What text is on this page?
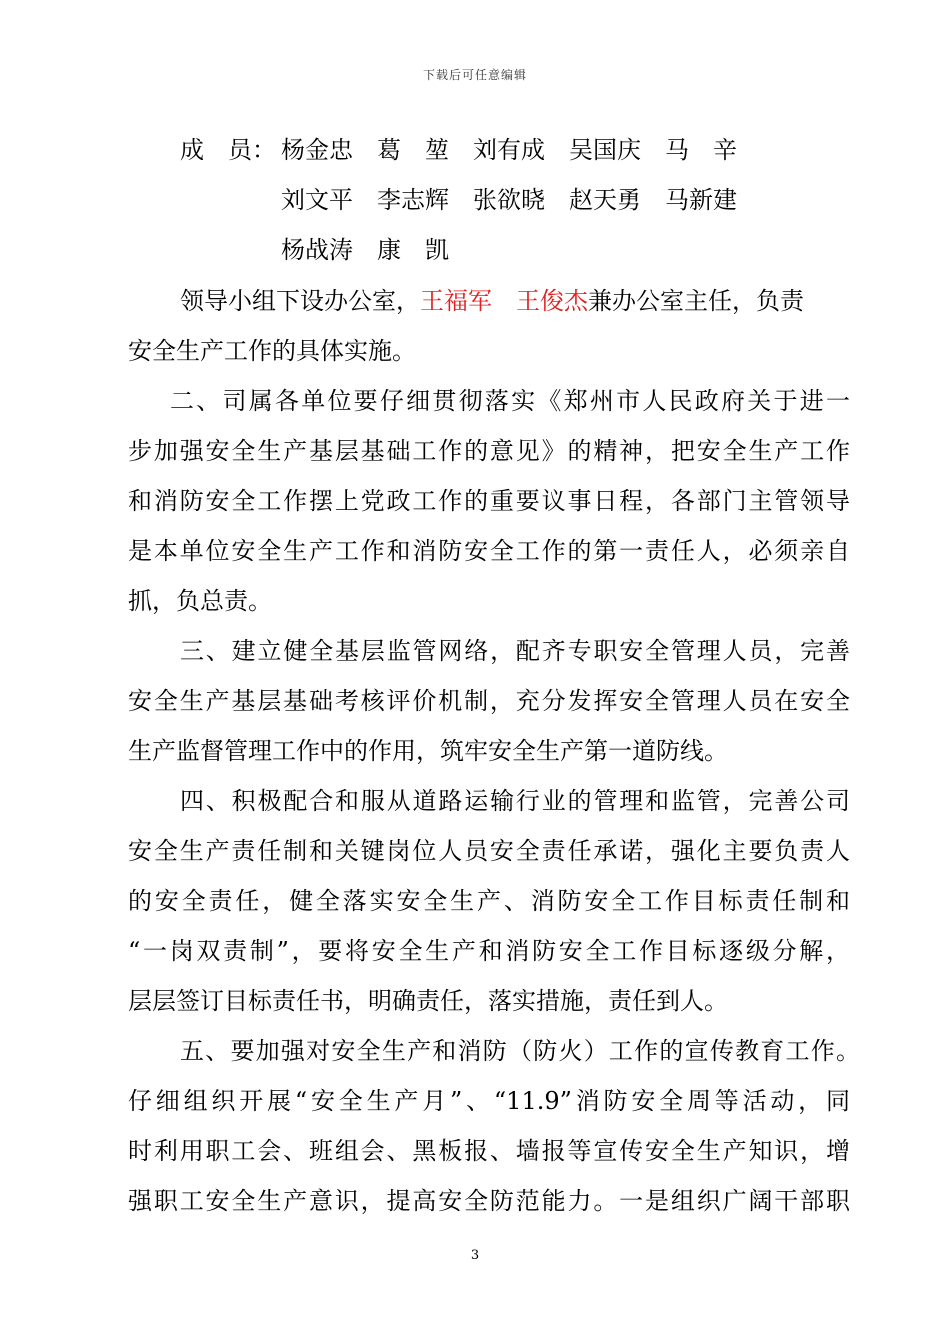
下载后可任意编辑
成　员： 杨金忠　葛　堃　刘有成　吴国庆　马　辛
刘文平　李志辉　张欲晓　赵天勇　马新建
杨战涛　康　凯
领导小组下设办公室，王福军　王俊杰兼办公室主任，负责
安全生产工作的具体实施。
二、司属各单位要仔细贯彻落实《郑州市人民政府关于进一
步加强安全生产基层基础工作的意见》的精神，把安全生产工作
和消防安全工作摆上党政工作的重要议事日程，各部门主管领导
是本单位安全生产工作和消防安全工作的第一责任人，必须亲自
抓，负总责。
三、建立健全基层监管网络，配齐专职安全管理人员，完善
安全生产基层基础考核评价机制，充分发挥安全管理人员在安全
生产监督管理工作中的作用，筑牢安全生产第一道防线。
四、积极配合和服从道路运输行业的管理和监管，完善公司
安全生产责任制和关键岗位人员安全责任承诺，强化主要负责人
的安全责任，健全落实安全生产、消防安全工作目标责任制和
“一岗双责制”，要将安全生产和消防安全工作目标逐级分解，
层层签订目标责任书，明确责任，落实措施，责任到人。
五、要加强对安全生产和消防（防火）工作的宣传教育工作。
仔细组织开展“安全生产月”、“11.9”消防安全周等活动，同
时利用职工会、班组会、黑板报、墙报等宣传安全生产知识，增
强职工安全生产意识，提高安全防范能力。一是组织广阔干部职
3
